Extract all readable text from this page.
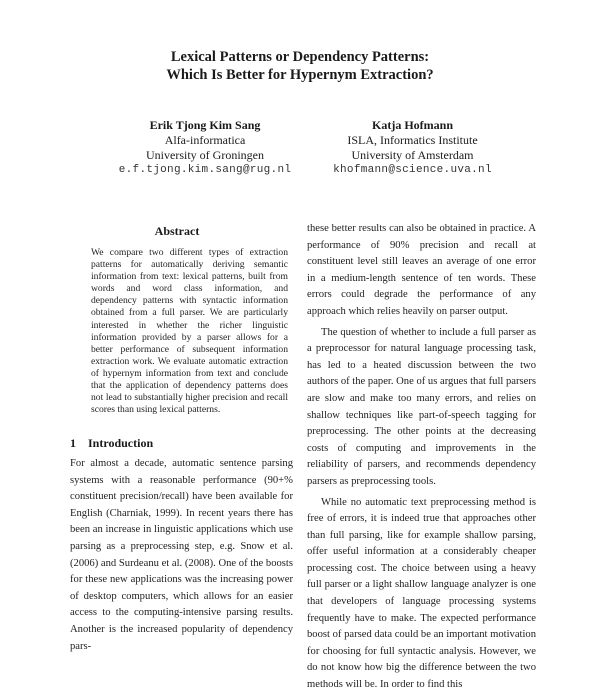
Lexical Patterns or Dependency Patterns:
Which Is Better for Hypernym Extraction?
Erik Tjong Kim Sang
Alfa-informatica
University of Groningen
e.f.tjong.kim.sang@rug.nl
Katja Hofmann
ISLA, Informatics Institute
University of Amsterdam
khofmann@science.uva.nl
Abstract
We compare two different types of extraction patterns for automatically deriving semantic information from text: lexical patterns, built from words and word class information, and dependency patterns with syntactic information obtained from a full parser. We are particularly interested in whether the richer linguistic information provided by a parser allows for a better performance of subsequent information extraction work. We evaluate automatic extraction of hypernym information from text and conclude that the application of dependency patterns does not lead to substantially higher precision and recall scores than using lexical patterns.
1 Introduction

For almost a decade, automatic sentence parsing systems with a reasonable performance (90+% constituent precision/recall) have been available for English (Charniak, 1999). In recent years there has been an increase in linguistic applications which use parsing as a preprocessing step, e.g. Snow et al. (2006) and Surdeanu et al. (2008). One of the boosts for these new applications was the increasing power of desktop computers, which allows for an easier access to the computing-intensive parsing results. Another is the increased popularity of dependency pars-

these better results can also be obtained in practice. A performance of 90% precision and recall at constituent level still leaves an average of one error in a medium-length sentence of ten words. These errors could degrade the performance of any approach which relies heavily on parser output.

The question of whether to include a full parser as a preprocessor for natural language processing task, has led to a heated discussion between the two authors of the paper. One of us argues that full parsers are slow and make too many errors, and relies on shallow techniques like part-of-speech tagging for preprocessing. The other points at the decreasing costs of computing and improvements in the reliability of parsers, and recommends dependency parsers as preprocessing tools.

While no automatic text preprocessing method is free of errors, it is indeed true that approaches other than full parsing, like for example shallow parsing, offer useful information at a considerably cheaper processing cost. The choice between using a heavy full parser or a light shallow language analyzer is one that developers of language processing systems frequently have to make. The expected performance boost of parsed data could be an important motivation for choosing for full syntactic analysis. However, we do not know how big the difference between the two methods will be. In order to find this
